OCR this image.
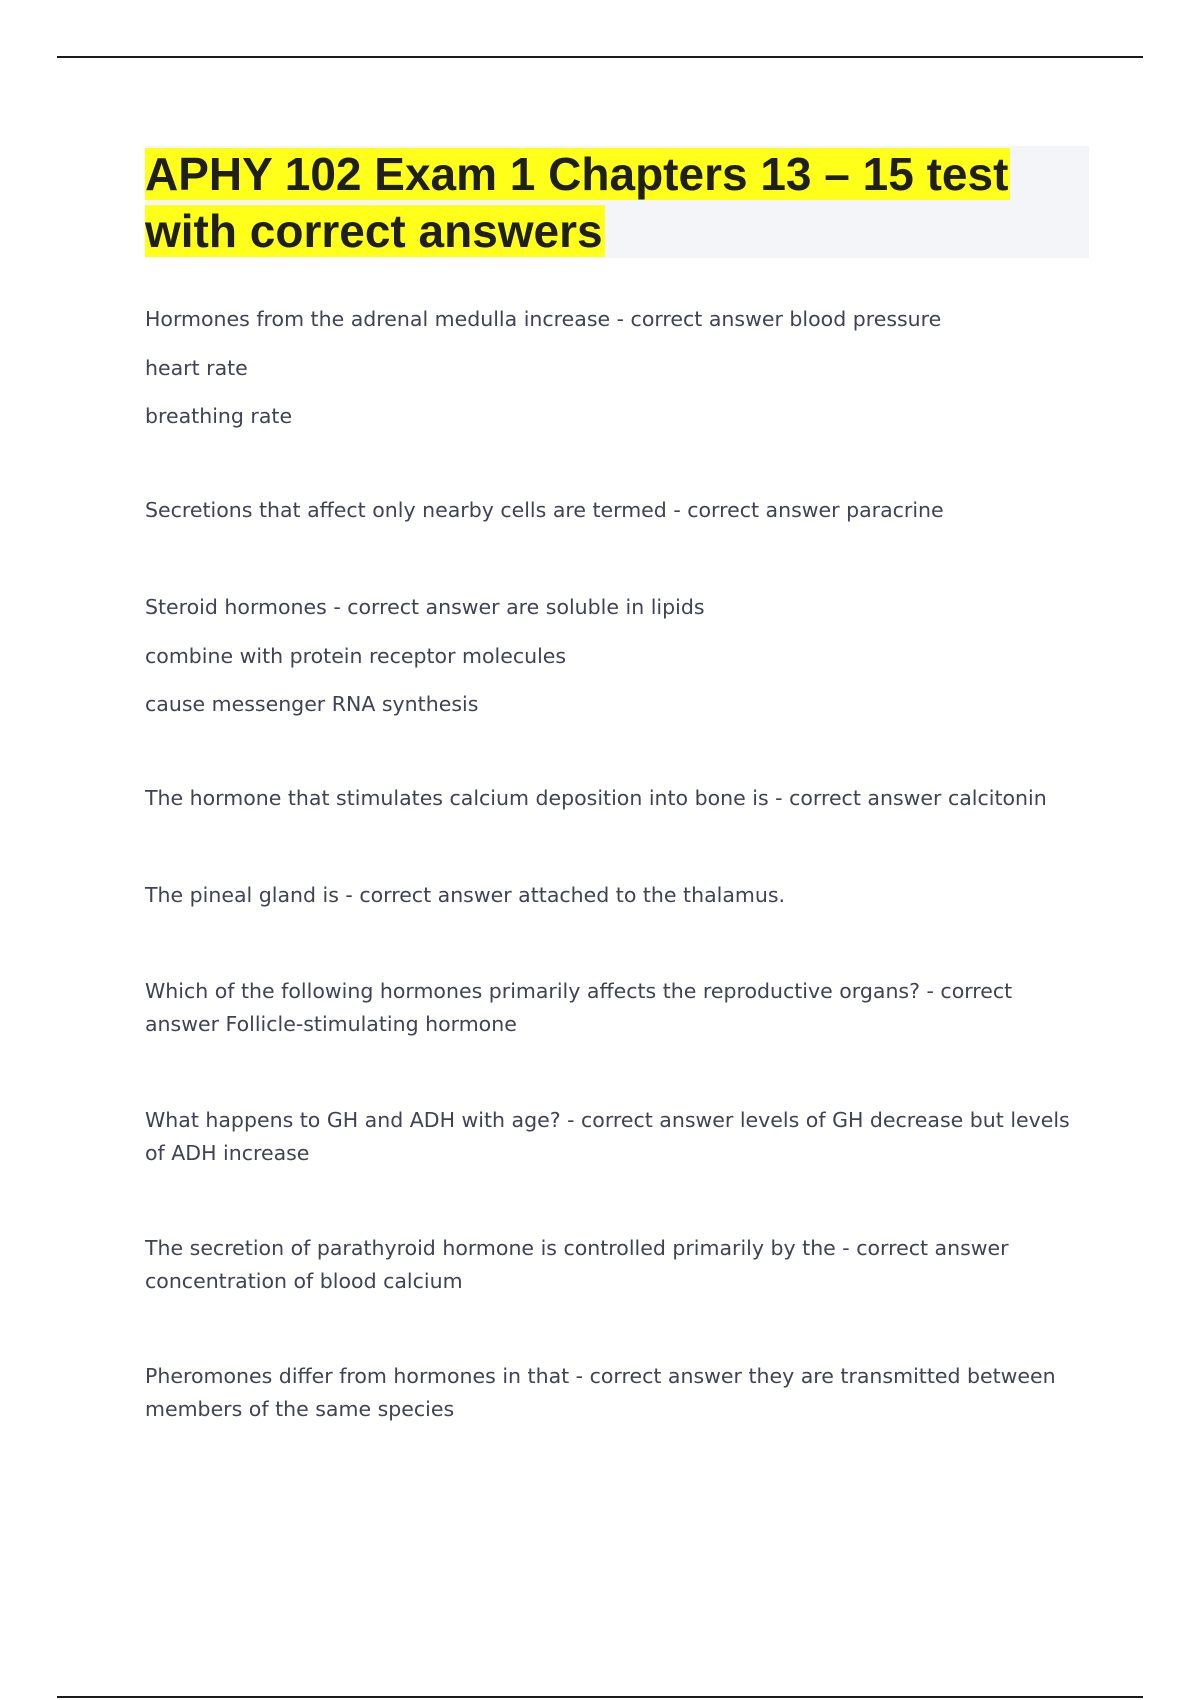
APHY 102 Exam 1 Chapters 13 – 15 test with correct answers

Hormones from the adrenal medulla increase - correct answer blood pressure

heart rate

breathing rate

Secretions that affect only nearby cells are termed - correct answer paracrine

Steroid hormones - correct answer are soluble in lipids

combine with protein receptor molecules

cause messenger RNA synthesis

The hormone that stimulates calcium deposition into bone is - correct answer calcitonin

The pineal gland is - correct answer attached to the thalamus.

Which of the following hormones primarily affects the reproductive organs? - correct answer Follicle-stimulating hormone

What happens to GH and ADH with age? - correct answer levels of GH decrease but levels of ADH increase

The secretion of parathyroid hormone is controlled primarily by the - correct answer concentration of blood calcium

Pheromones differ from hormones in that - correct answer they are transmitted between members of the same species
